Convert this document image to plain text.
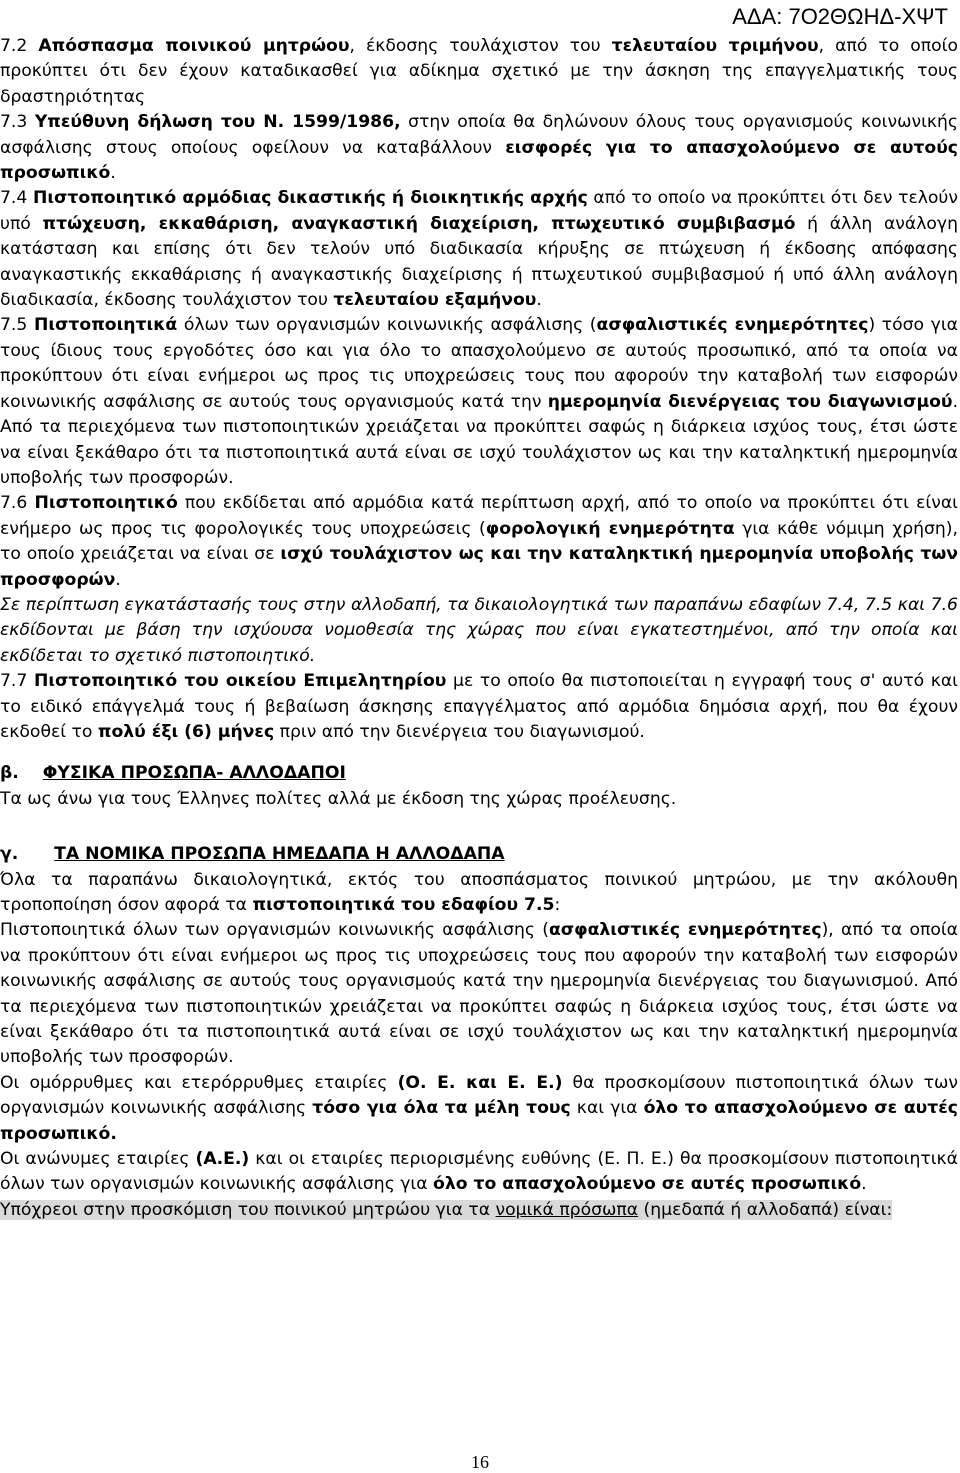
ΑΔΑ: 7Ο2ΘΩΗΔ-ΧΨΤ

7.2 Απόσπασμα ποινικού μητρώου, έκδοσης τουλάχιστον του τελευταίου τριμήνου, από το οποίο προκύπτει ότι δεν έχουν καταδικασθεί για αδίκημα σχετικό με την άσκηση της επαγγελματικής τους δραστηριότητας

7.3 Υπεύθυνη δήλωση του Ν. 1599/1986, στην οποία θα δηλώνουν όλους τους οργανισμούς κοινωνικής ασφάλισης στους οποίους οφείλουν να καταβάλλουν εισφορές για το απασχολούμενο σε αυτούς προσωπικό.

7.4 Πιστοποιητικό αρμόδιας δικαστικής ή διοικητικής αρχής από το οποίο να προκύπτει ότι δεν τελούν υπό πτώχευση, εκκαθάριση, αναγκαστική διαχείριση, πτωχευτικό συμβιβασμό ή άλλη ανάλογη κατάσταση και επίσης ότι δεν τελούν υπό διαδικασία κήρυξης σε πτώχευση ή έκδοσης απόφασης αναγκαστικής εκκαθάρισης ή αναγκαστικής διαχείρισης ή πτωχευτικού συμβιβασμού ή υπό άλλη ανάλογη διαδικασία, έκδοσης τουλάχιστον του τελευταίου εξαμήνου.

7.5 Πιστοποιητικά όλων των οργανισμών κοινωνικής ασφάλισης (ασφαλιστικές ενημερότητες) τόσο για τους ίδιους τους εργοδότες όσο και για όλο το απασχολούμενο σε αυτούς προσωπικό, από τα οποία να προκύπτουν ότι είναι ενήμεροι ως προς τις υποχρεώσεις τους που αφορούν την καταβολή των εισφορών κοινωνικής ασφάλισης σε αυτούς τους οργανισμούς κατά την ημερομηνία διενέργειας του διαγωνισμού. Από τα περιεχόμενα των πιστοποιητικών χρειάζεται να προκύπτει σαφώς η διάρκεια ισχύος τους, έτσι ώστε να είναι ξεκάθαρο ότι τα πιστοποιητικά αυτά είναι σε ισχύ τουλάχιστον ως και την καταληκτική ημερομηνία υποβολής των προσφορών.

7.6 Πιστοποιητικό που εκδίδεται από αρμόδια κατά περίπτωση αρχή, από το οποίο να προκύπτει ότι είναι ενήμερο ως προς τις φορολογικές τους υποχρεώσεις (φορολογική ενημερότητα για κάθε νόμιμη χρήση), το οποίο χρειάζεται να είναι σε ισχύ τουλάχιστον ως και την καταληκτική ημερομηνία υποβολής των προσφορών.

Σε περίπτωση εγκατάστασής τους στην αλλοδαπή, τα δικαιολογητικά των παραπάνω εδαφίων 7.4, 7.5 και 7.6 εκδίδονται με βάση την ισχύουσα νομοθεσία της χώρας που είναι εγκατεστημένοι, από την οποία και εκδίδεται το σχετικό πιστοποιητικό.

7.7 Πιστοποιητικό του οικείου Επιμελητηρίου με το οποίο θα πιστοποιείται η εγγραφή τους σ' αυτό και το ειδικό επάγγελμά τους ή βεβαίωση άσκησης επαγγέλματος από αρμόδια δημόσια αρχή, που θα έχουν εκδοθεί το πολύ έξι (6) μήνες πριν από την διενέργεια του διαγωνισμού.

β. ΦΥΣΙΚΑ ΠΡΟΣΩΠΑ- ΑΛΛΟΔΑΠΟΙ

Τα ως άνω για τους Έλληνες πολίτες αλλά με έκδοση της χώρας προέλευσης.

γ. ΤΑ ΝΟΜΙΚΑ ΠΡΟΣΩΠΑ ΗΜΕΔΑΠΑ Η ΑΛΛΟΔΑΠΑ

Όλα τα παραπάνω δικαιολογητικά, εκτός του αποσπάσματος ποινικού μητρώου, με την ακόλουθη τροποποίηση όσον αφορά τα πιστοποιητικά του εδαφίου 7.5:

Πιστοποιητικά όλων των οργανισμών κοινωνικής ασφάλισης (ασφαλιστικές ενημερότητες), από τα οποία να προκύπτουν ότι είναι ενήμεροι ως προς τις υποχρεώσεις τους που αφορούν την καταβολή των εισφορών κοινωνικής ασφάλισης σε αυτούς τους οργανισμούς κατά την ημερομηνία διενέργειας του διαγωνισμού. Από τα περιεχόμενα των πιστοποιητικών χρειάζεται να προκύπτει σαφώς η διάρκεια ισχύος τους, έτσι ώστε να είναι ξεκάθαρο ότι τα πιστοποιητικά αυτά είναι σε ισχύ τουλάχιστον ως και την καταληκτική ημερομηνία υποβολής των προσφορών.

Οι ομόρρυθμες και ετερόρρυθμες εταιρίες (Ο. Ε. και Ε. Ε.) θα προσκομίσουν πιστοποιητικά όλων των οργανισμών κοινωνικής ασφάλισης τόσο για όλα τα μέλη τους και για όλο το απασχολούμενο σε αυτές προσωπικό.

Οι ανώνυμες εταιρίες (Α.Ε.) και οι εταιρίες περιορισμένης ευθύνης (Ε. Π. Ε.) θα προσκομίσουν πιστοποιητικά όλων των οργανισμών κοινωνικής ασφάλισης για όλο το απασχολούμενο σε αυτές προσωπικό.

Υπόχρεοι στην προσκόμιση του ποινικού μητρώου για τα νομικά πρόσωπα (ημεδαπά ή αλλοδαπά) είναι:

16
